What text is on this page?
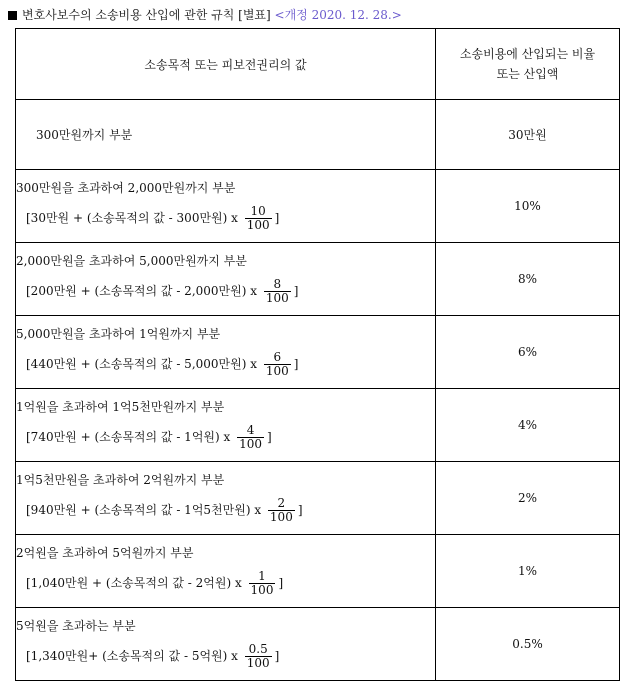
변호사보수의 소송비용 산입에 관한 규칙 [별표] <개정 2020. 12. 28.>
소송목적 또는 피보전권리의 값	소송비용에 산입되는 비율
또는 산입액

300만원까지 부분	30만원

300만원을 초과하여 2,000만원까지 부분
[30만원 + (소송목적의 값 - 300만원) x $\frac{10}{100}$ ]	10%

2,000만원을 초과하여 5,000만원까지 부분
[200만원 + (소송목적의 값 - 2,000만원) x $\frac{8}{100}$ ]	8%

5,000만원을 초과하여 1억원까지 부분
[440만원 + (소송목적의 값 - 5,000만원) x $\frac{6}{100}$ ]	6%

1억원을 초과하여 1억5천만원까지 부분
[740만원 + (소송목적의 값 - 1억원) x $\frac{4}{100}$ ]	4%

1억5천만원을 초과하여 2억원까지 부분
[940만원 + (소송목적의 값 - 1억5천만원) x $\frac{2}{100}$ ]	2%

2억원을 초과하여 5억원까지 부분
[1,040만원 + (소송목적의 값 - 2억원) x $\frac{1}{100}$ ]	1%

5억원을 초과하는 부분
[1,340만원+ (소송목적의 값 - 5억원) x $\frac{0.5}{100}$ ]	0.5%
